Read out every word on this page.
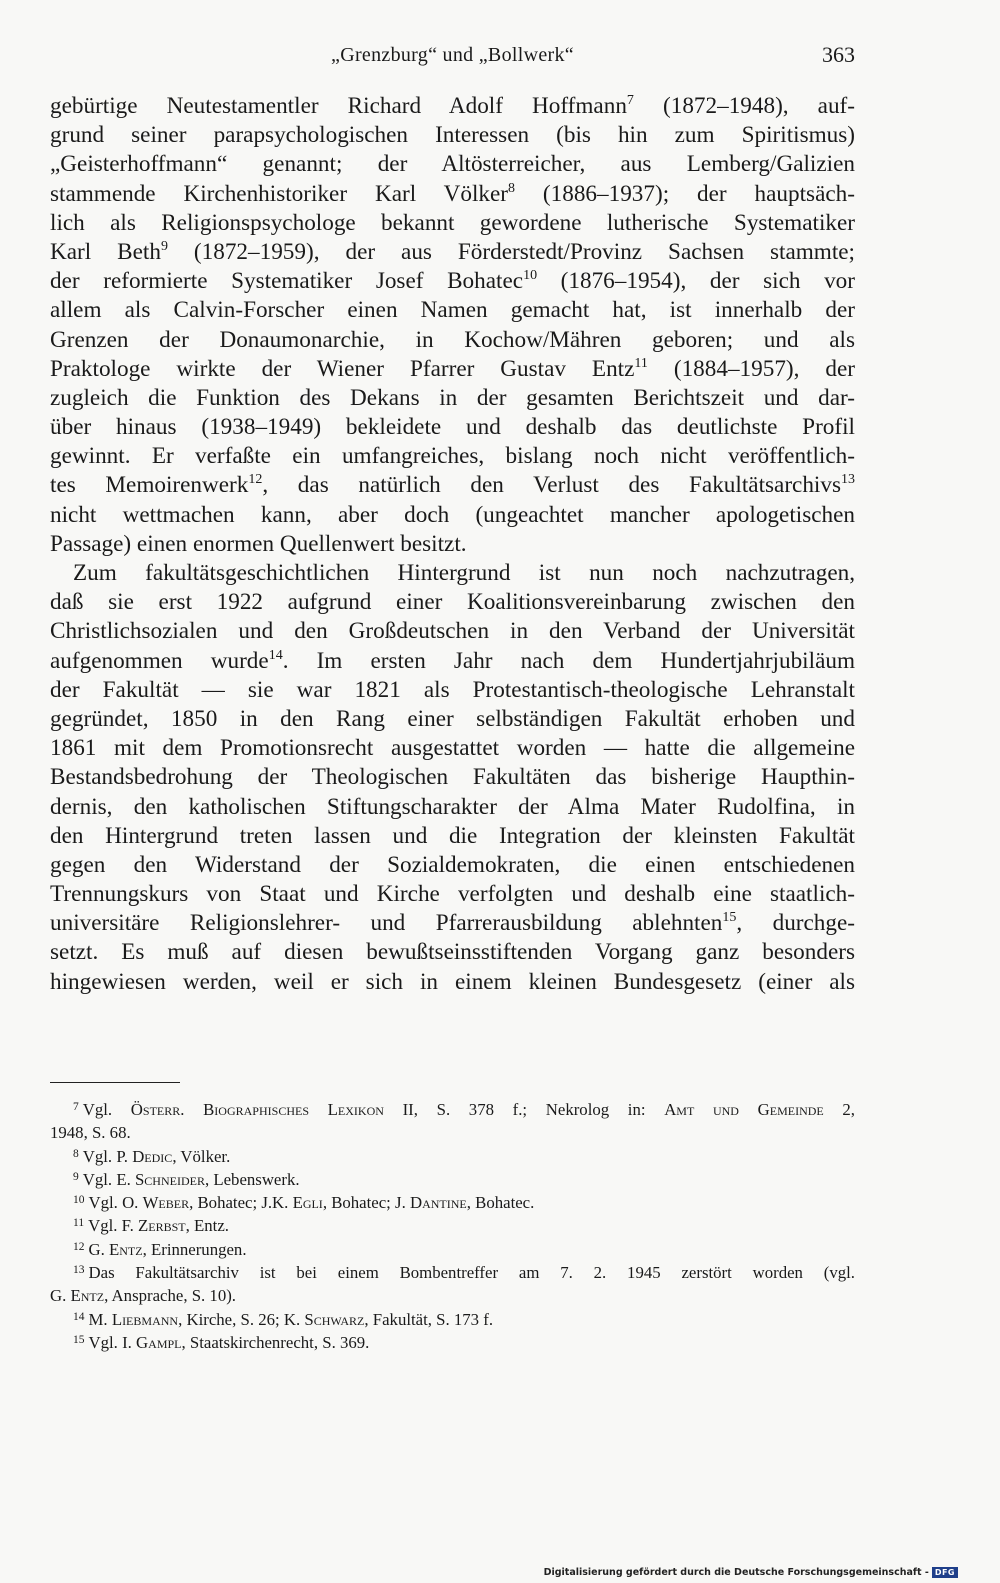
„Grenzburg“ und „Bollwerk“	363
gebürtige Neutestamentler Richard Adolf Hoffmann$^7$ (1872–1948), auf-
grund seiner parapsychologischen Interessen (bis hin zum Spiritismus)
„Geisterhoffmann“ genannt; der Altösterreicher, aus Lemberg/Galizien
stammende Kirchenhistoriker Karl Völker$^8$ (1886–1937); der hauptsäch-
lich als Religionspsychologe bekannt gewordene lutherische Systematiker
Karl Beth$^9$ (1872–1959), der aus Förderstedt/Provinz Sachsen stammte;
der reformierte Systematiker Josef Bohatec$^{10}$ (1876–1954), der sich vor
allem als Calvin-Forscher einen Namen gemacht hat, ist innerhalb der
Grenzen der Donaumonarchie, in Kochow/Mähren geboren; und als
Praktologe wirkte der Wiener Pfarrer Gustav Entz$^{11}$ (1884–1957), der
zugleich die Funktion des Dekans in der gesamten Berichtszeit und dar-
über hinaus (1938–1949) bekleidete und deshalb das deutlichste Profil
gewinnt. Er verfaßte ein umfangreiches, bislang noch nicht veröffentlich-
tes Memoirenwerk$^{12}$, das natürlich den Verlust des Fakultätsarchivs$^{13}$
nicht wettmachen kann, aber doch (ungeachtet mancher apologetischen
Passage) einen enormen Quellenwert besitzt.
Zum fakultätsgeschichtlichen Hintergrund ist nun noch nachzutragen,
daß sie erst 1922 aufgrund einer Koalitionsvereinbarung zwischen den
Christlichsozialen und den Großdeutschen in den Verband der Universität
aufgenommen wurde$^{14}$. Im ersten Jahr nach dem Hundertjahrjubiläum
der Fakultät — sie war 1821 als Protestantisch-theologische Lehranstalt
gegründet, 1850 in den Rang einer selbständigen Fakultät erhoben und
1861 mit dem Promotionsrecht ausgestattet worden — hatte die allgemeine
Bestandsbedrohung der Theologischen Fakultäten das bisherige Haupthin-
dernis, den katholischen Stiftungscharakter der Alma Mater Rudolfina, in
den Hintergrund treten lassen und die Integration der kleinsten Fakultät
gegen den Widerstand der Sozialdemokraten, die einen entschiedenen
Trennungskurs von Staat und Kirche verfolgten und deshalb eine staatlich-
universitäre Religionslehrer- und Pfarrerausbildung ablehnten$^{15}$, durchge-
setzt. Es muß auf diesen bewußtseinsstiftenden Vorgang ganz besonders
hingewiesen werden, weil er sich in einem kleinen Bundesgesetz (einer als
$^7$ Vgl. Österr. Biographisches Lexikon II, S. 378 f.; Nekrolog in: Amt und Gemeinde 2,
1948, S. 68.
$^8$ Vgl. P. Dedic, Völker.
$^9$ Vgl. E. Schneider, Lebenswerk.
$^{10}$ Vgl. O. Weber, Bohatec; J.K. Egli, Bohatec; J. Dantine, Bohatec.
$^{11}$ Vgl. F. Zerbst, Entz.
$^{12}$ G. Entz, Erinnerungen.
$^{13}$ Das Fakultätsarchiv ist bei einem Bombentreffer am 7. 2. 1945 zerstört worden (vgl.
G. Entz, Ansprache, S. 10).
$^{14}$ M. Liebmann, Kirche, S. 26; K. Schwarz, Fakultät, S. 173 f.
$^{15}$ Vgl. I. Gampl, Staatskirchenrecht, S. 369.
Digitalisierung gefördert durch die Deutsche Forschungsgemeinschaft - DFG
